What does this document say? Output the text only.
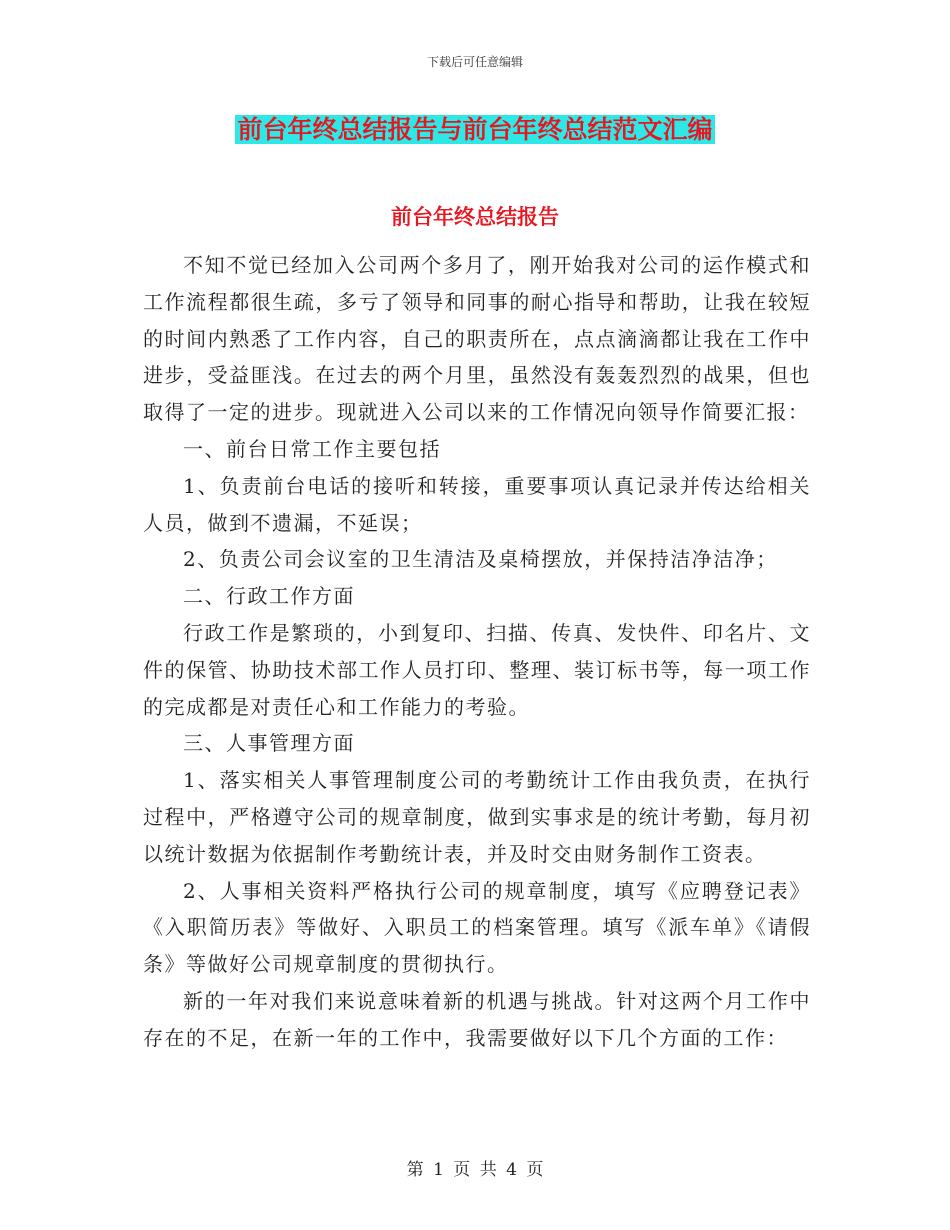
下载后可任意编辑
前台年终总结报告与前台年终总结范文汇编
前台年终总结报告

不知不觉已经加入公司两个多月了，刚开始我对公司的运作模式和工作流程都很生疏，多亏了领导和同事的耐心指导和帮助，让我在较短的时间内熟悉了工作内容，自己的职责所在，点点滴滴都让我在工作中进步，受益匪浅。在过去的两个月里，虽然没有轰轰烈烈的战果，但也取得了一定的进步。现就进入公司以来的工作情况向领导作简要汇报：

一、前台日常工作主要包括

1、负责前台电话的接听和转接，重要事项认真记录并传达给相关人员，做到不遗漏，不延误；

2、负责公司会议室的卫生清洁及桌椅摆放，并保持洁净洁净；

二、行政工作方面

行政工作是繁琐的，小到复印、扫描、传真、发快件、印名片、文件的保管、协助技术部工作人员打印、整理、装订标书等，每一项工作的完成都是对责任心和工作能力的考验。

三、人事管理方面

1、落实相关人事管理制度公司的考勤统计工作由我负责，在执行过程中，严格遵守公司的规章制度，做到实事求是的统计考勤，每月初以统计数据为依据制作考勤统计表，并及时交由财务制作工资表。

2、人事相关资料严格执行公司的规章制度，填写《应聘登记表》《入职简历表》等做好、入职员工的档案管理。填写《派车单》《请假条》等做好公司规章制度的贯彻执行。

新的一年对我们来说意味着新的机遇与挑战。针对这两个月工作中存在的不足，在新一年的工作中，我需要做好以下几个方面的工作：

第 1 页 共 4 页
